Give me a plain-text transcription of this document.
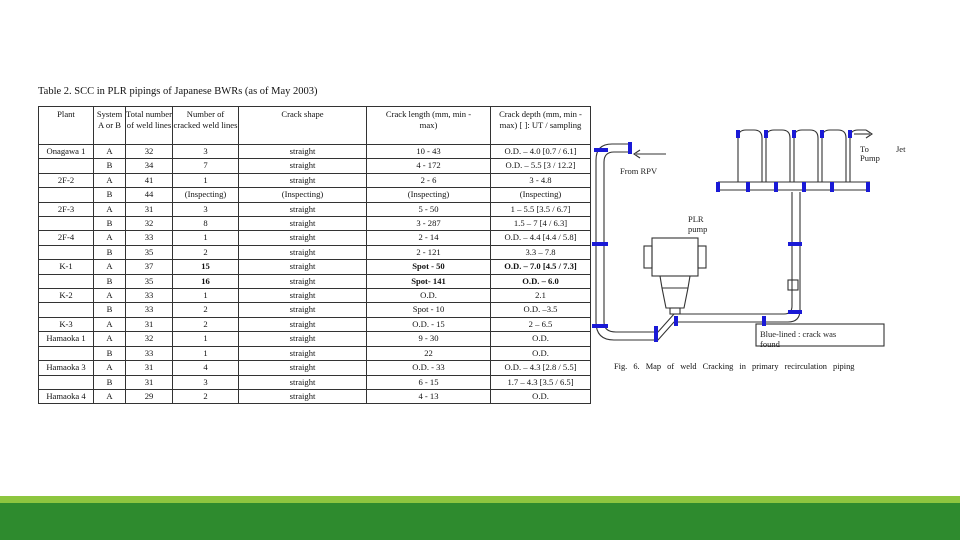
Table 2. SCC in PLR pipings of Japanese BWRs (as of May 2003)
Plant	System A or B	Total number of weld lines	Number of cracked weld lines	Crack shape	Crack length (mm, min - max)	Crack depth (mm, min - max) [ ]: UT / sampling
Onagawa 1	A	32	3	straight	10 - 43	O.D. – 4.0 [0.7 / 6.1]
	B	34	7	straight	4 - 172	O.D. – 5.5 [3 / 12.2]
2F-2	A	41	1	straight	2 - 6	3 - 4.8
	B	44	(Inspecting)	(Inspecting)	(Inspecting)	(Inspecting)
2F-3	A	31	3	straight	5 - 50	1 – 5.5 [3.5 / 6.7]
	B	32	8	straight	3 - 287	1.5 – 7 [4 / 6.3]
2F-4	A	33	1	straight	2 - 14	O.D. – 4.4 [4.4 / 5.8]
	B	35	2	straight	2 - 121	3.3 – 7.8
K-1	A	37	15	straight	Spot - 50	O.D. – 7.0 [4.5 / 7.3]
	B	35	16	straight	Spot- 141	O.D. – 6.0
K-2	A	33	1	straight	O.D.	2.1
	B	33	2	straight	Spot - 10	O.D. –3.5
K-3	A	31	2	straight	O.D. - 15	2 – 6.5
Hamaoka 1	A	32	1	straight	9 - 30	O.D.
	B	33	1	straight	22	O.D.
Hamaoka 3	A	31	4	straight	O.D. - 33	O.D. – 4.3 [2.8 / 5.5]
	B	31	3	straight	6 - 15	1.7 – 4.3 [3.5 / 6.5]
Hamaoka 4	A	29	2	straight	4 - 13	O.D.
To	Jet
Pump
From RPV
PLR
pump
Blue-lined : crack was
found
Fig. 6. Map of weld Cracking in primary recirculation piping
